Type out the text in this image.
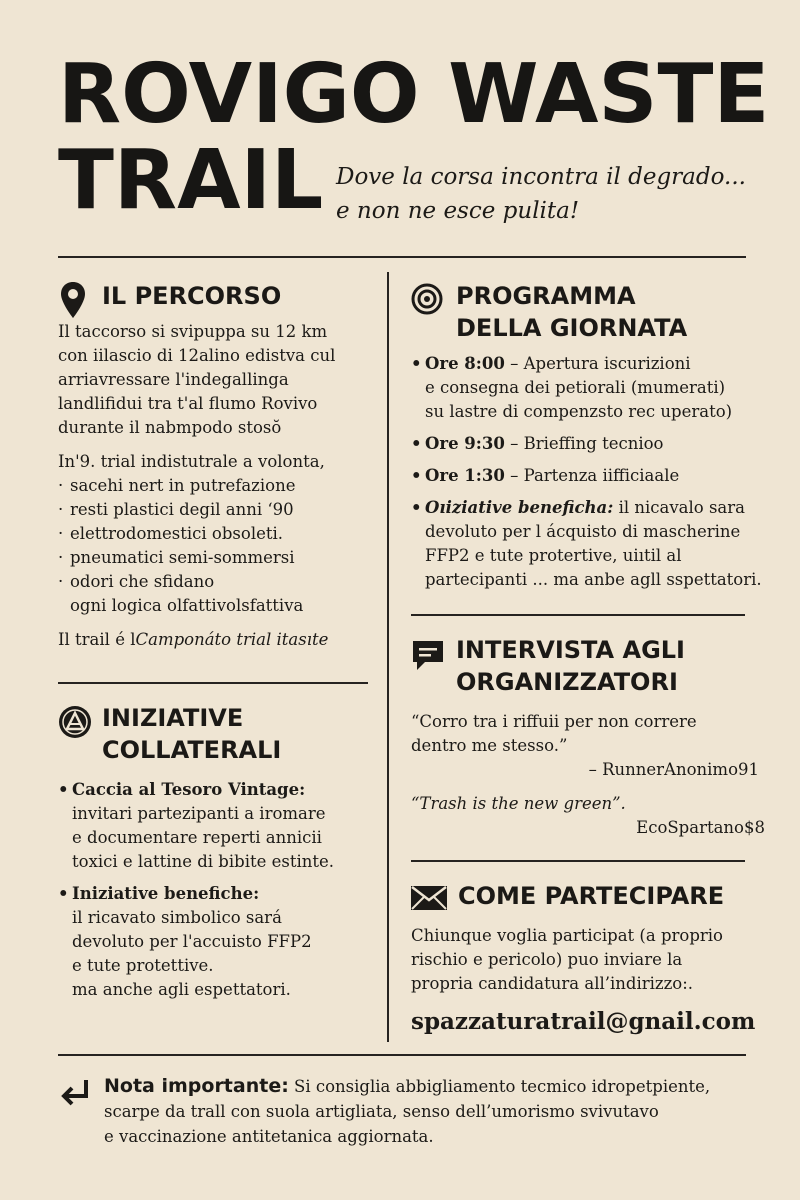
ROVIGO WASTE
TRAIL Dove la corsa incontra il degrado...
e non ne esce pulita!
IL PERCORSO

Il taccorso si svipuppa su 12 km

con iilascio di 12alino edistva cul

arriavressare l'indegallinga

landlifidui tra t'al flumo Rovivo

durante il nabmpodo stosŏ

In'9. trial indistutrale a volonta,

· sacehi nert in putrefazione
· resti plastici degil anni ‘90
· elettrodomestici obsoleti.
· pneumatici semi-sommersi
· odori che sfidano

ogni logica olfattivolsfattiva

Il trail é lCamponáto trial itasıte

INIZIATIVE
COLLATERALI
• Caccia al Tesoro Vintage:
invitari partezipanti a iromare
e documentare reperti annicii
toxici e lattine di bibite estinte.
• Iniziative benefiche:
il ricavato simbolico sará
devoluto per l'accuisto FFP2
e tute protettive.
ma anche agli espettatori.
PROGRAMMA
DELLA GIORNATA
• Ore 8:00 – Apertura iscurizioni
e consegna dei petiorali (mumerati)
su lastre di compenzsto rec uperato)
• Ore 9:30 – Brieffing tecnioo
• Ore 1:30 – Partenza iifficiaale
• Oıiziative beneficha: il nicavalo sara
devoluto per l ácquisto di mascherine
FFP2 e tute protertive, uiıtil al
partecipanti ... ma anbe agll sspettatori.
INTERVISTA AGLI
ORGANIZZATORI

“Corro tra i riffuii per non correre

dentro me stesso.”

– RunnerAnonimo91

“Trash is the new green”.

EcoSpartano$8

COME PARTECIPARE

Chiunque voglia participat (a proprio

rischio e pericolo) puo inviare la

propria candidatura all’indirizzo:.

spazzaturatrail@gnail.com
Nota importante: Si consiglia abbigliamento tecmico idropetpiente,
scarpe da trall con suola artigliata, senso dell’umorismo svivutavo
e vaccinazione antitetanica aggiornata.
